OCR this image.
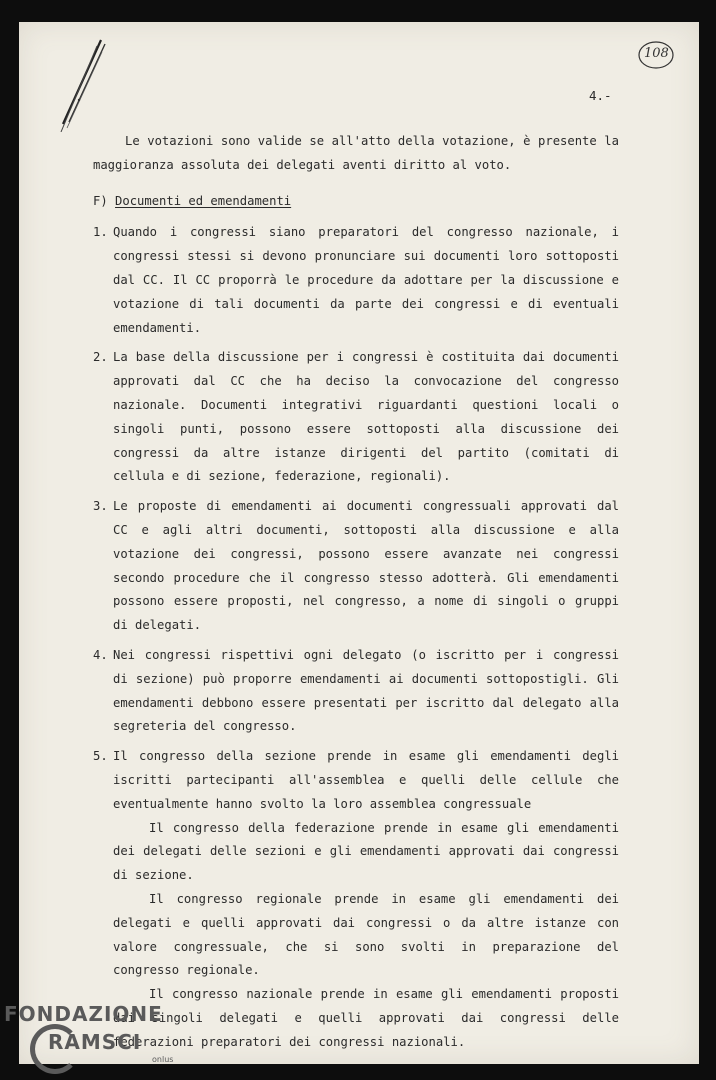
108
4.-

Le votazioni sono valide se all'atto della votazione, è presente la maggioranza assoluta dei delegati aventi diritto al voto.

F) Documenti ed emendamenti
1. Quando i congressi siano preparatori del congresso nazionale, i congressi stessi si devono pronunciare sui documenti loro sottoposti dal CC. Il CC proporrà le procedure da adottare per la discussione e votazione di tali documenti da parte dei congressi e di eventuali emendamenti.
2. La base della discussione per i congressi è costituita dai documenti approvati dal CC che ha deciso la convocazione del congresso nazionale. Documenti integrativi riguardanti questioni locali o singoli punti, possono essere sottoposti alla discussione dei congressi da altre istanze dirigenti del partito (comitati di cellula e di sezione, federazione, regionali).
3. Le proposte di emendamenti ai documenti congressuali approvati dal CC e agli altri documenti, sottoposti alla discussione e alla votazione dei congressi, possono essere avanzate nei congressi secondo procedure che il congresso stesso adotterà. Gli emendamenti possono essere proposti, nel congresso, a nome di singoli o gruppi di delegati.
4. Nei congressi rispettivi ogni delegato (o iscritto per i congressi di sezione) può proporre emendamenti ai documenti sottopostigli. Gli emendamenti debbono essere presentati per iscritto dal delegato alla segreteria del congresso.
5. Il congresso della sezione prende in esame gli emendamenti degli iscritti partecipanti all'assemblea e quelli delle cellule che eventualmente hanno svolto la loro assemblea congressuale

Il congresso della federazione prende in esame gli emendamenti dei delegati delle sezioni e gli emendamenti approvati dai congressi di sezione.

Il congresso regionale prende in esame gli emendamenti dei delegati e quelli approvati dai congressi o da altre istanze con valore congressuale, che si sono svolti in preparazione del congresso regionale.

Il congresso nazionale prende in esame gli emendamenti proposti dai singoli delegati e quelli approvati dai congressi delle federazioni preparatori dei congressi nazionali.

FONDAZIONE
RAMSCI
onlus
